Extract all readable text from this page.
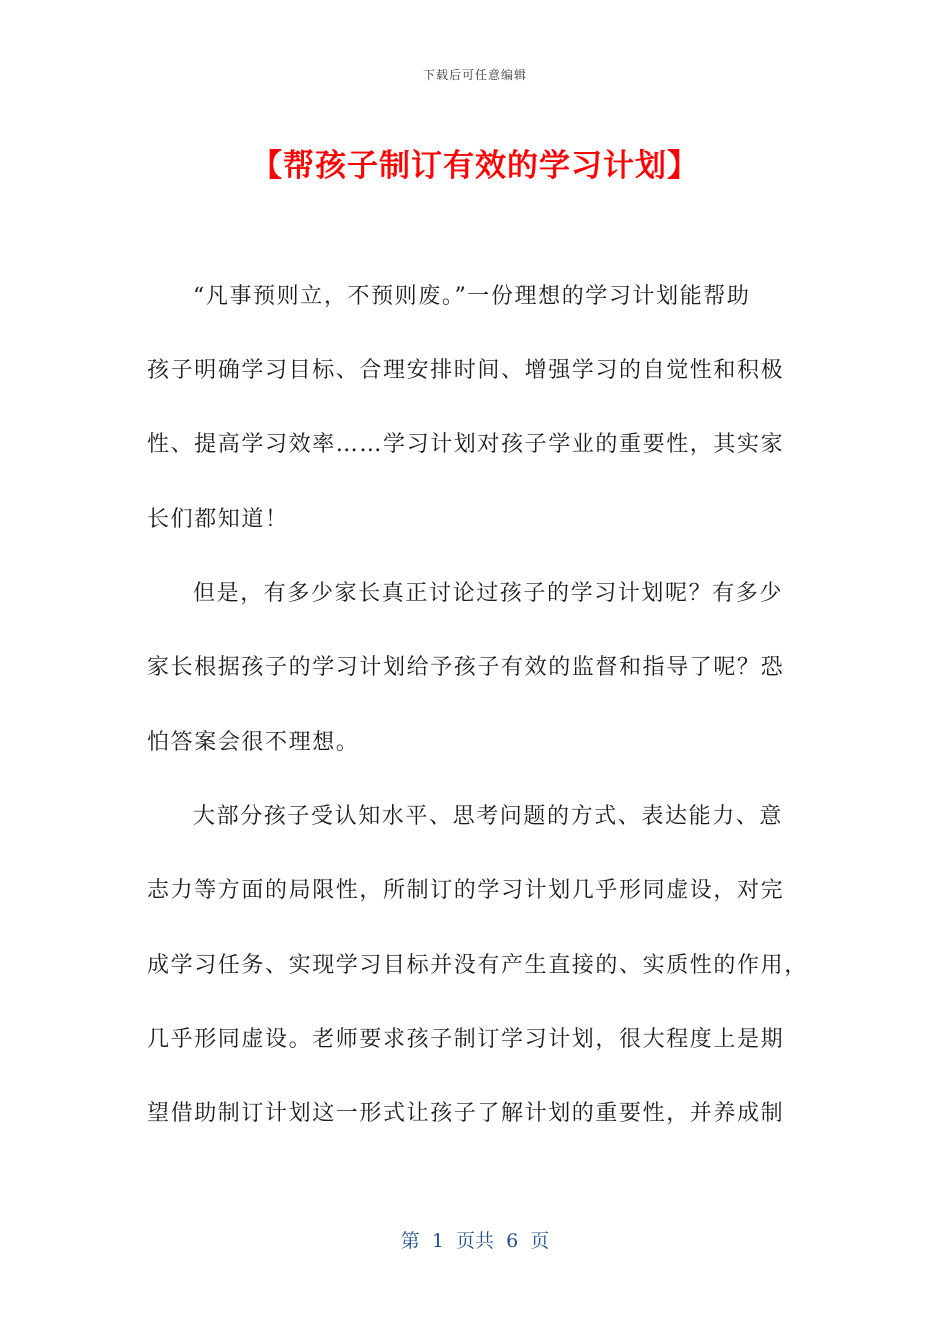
下载后可任意编辑
【帮孩子制订有效的学习计划】
“凡事预则立，不预则废。”一份理想的学习计划能帮助
孩子明确学习目标、合理安排时间、增强学习的自觉性和积极
性、提高学习效率……学习计划对孩子学业的重要性，其实家
长们都知道！
但是，有多少家长真正讨论过孩子的学习计划呢？有多少
家长根据孩子的学习计划给予孩子有效的监督和指导了呢？恐
怕答案会很不理想。
大部分孩子受认知水平、思考问题的方式、表达能力、意
志力等方面的局限性，所制订的学习计划几乎形同虚设，对完
成学习任务、实现学习目标并没有产生直接的、实质性的作用，
几乎形同虚设。老师要求孩子制订学习计划，很大程度上是期
望借助制订计划这一形式让孩子了解计划的重要性，并养成制
第  1  页共  6  页
